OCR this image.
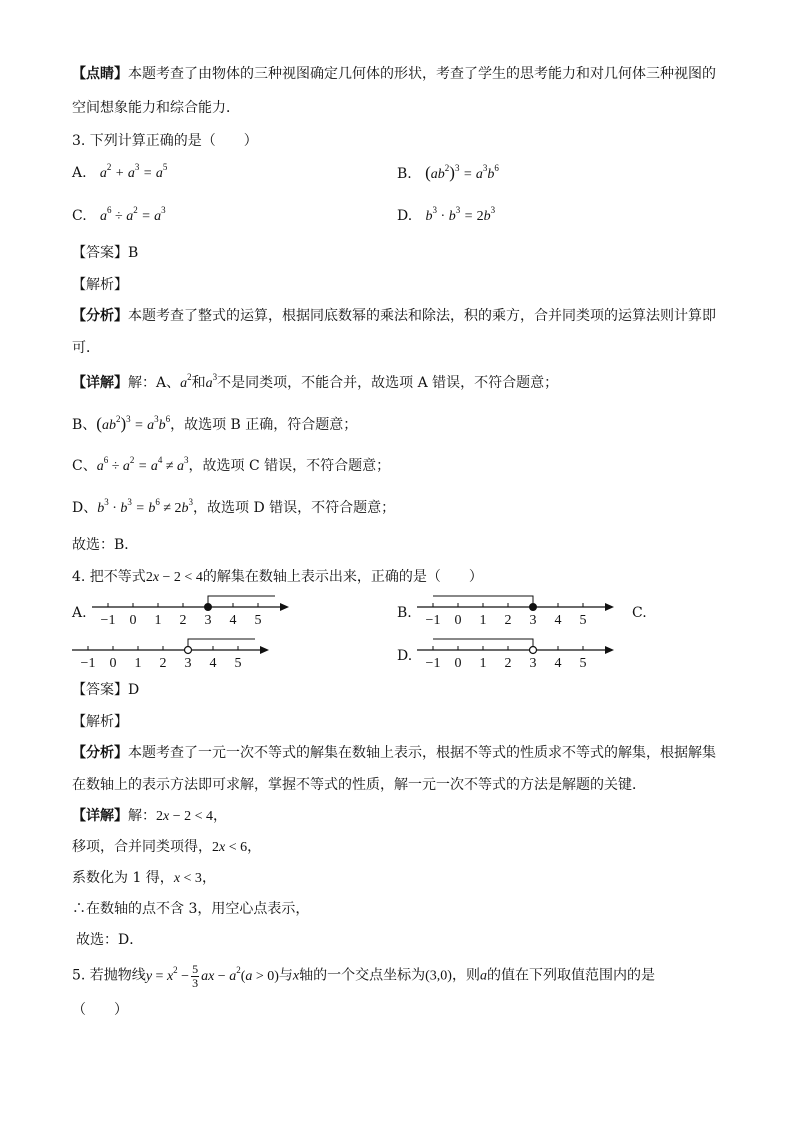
【点睛】本题考查了由物体的三种视图确定几何体的形状，考查了学生的思考能力和对几何体三种视图的
空间想象能力和综合能力．
3. 下列计算正确的是（　　）
A. $a^2 + a^3 = a^5$	B. $(ab^2)^3 = a^3b^6$
C. $a^6 \div a^2 = a^3$	D. $b^3 \cdot b^3 = 2b^3$
【答案】B
【解析】
【分析】本题考查了整式的运算，根据同底数幂的乘法和除法，积的乘方，合并同类项的运算法则计算即
可．
【详解】解：A、$a^2$和$a^3$不是同类项，不能合并，故选项 A 错误，不符合题意；
B、$(ab^2)^3 = a^3b^6$，故选项 B 正确，符合题意；
C、$a^6 \div a^2 = a^4 \ne a^3$，故选项 C 错误，不符合题意；
D、$b^3 \cdot b^3 = b^6 \ne 2b^3$，故选项 D 错误，不符合题意；
故选：B．
4. 把不等式2x − 2 < 4的解集在数轴上表示出来，正确的是（　　）
A. −1 0 1 2 3 4 5	B. −1 0 1 2 3 4 5	C.
−1 0 1 2 3 4 5	D. −1 0 1 2 3 4 5
【答案】D
【解析】
【分析】本题考查了一元一次不等式的解集在数轴上表示，根据不等式的性质求不等式的解集，根据解集
在数轴上的表示方法即可求解，掌握不等式的性质，解一元一次不等式的方法是解题的关键．
【详解】解：2x − 2 < 4，
移项，合并同类项得，2x < 6，
系数化为 1 得，x < 3，
∴在数轴的点不含 3，用空心点表示，
故选：D．
5. 若抛物线$y = x^2 - \frac{5}{3}$ ax − $a^2(a > 0)$与x轴的一个交点坐标为(3,0)，则a的值在下列取值范围内的是
（　　）
